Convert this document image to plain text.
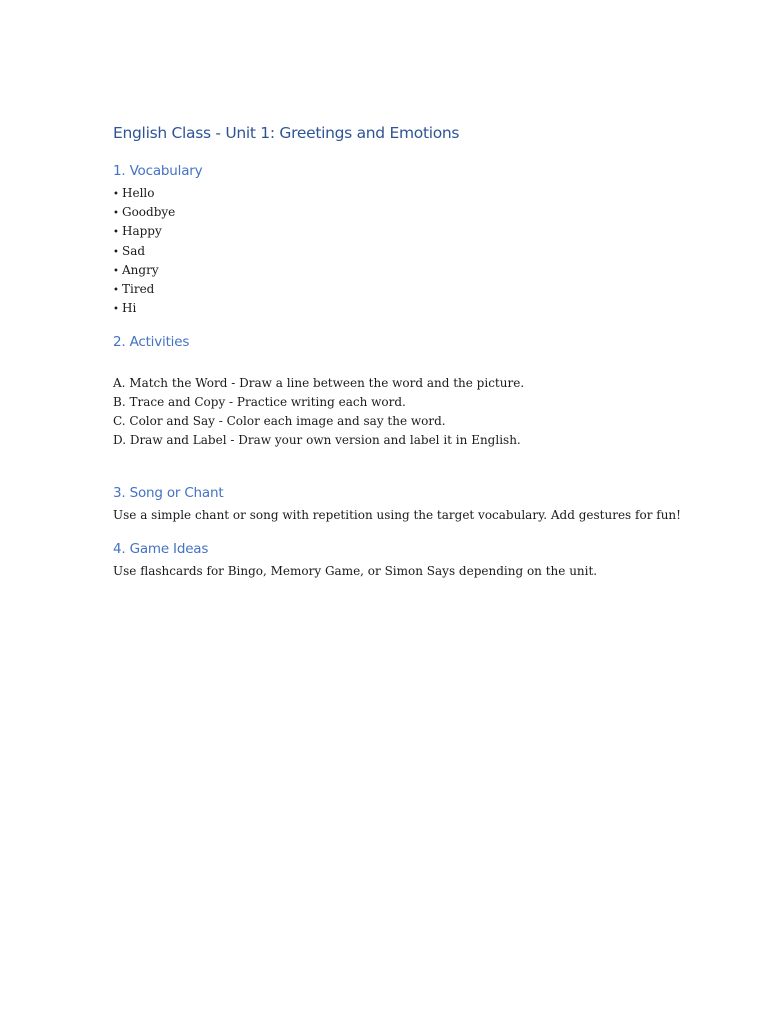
English Class - Unit 1: Greetings and Emotions
1. Vocabulary
• Hello
• Goodbye
• Happy
• Sad
• Angry
• Tired
• Hi
2. Activities
A. Match the Word - Draw a line between the word and the picture.
B. Trace and Copy - Practice writing each word.
C. Color and Say - Color each image and say the word.
D. Draw and Label - Draw your own version and label it in English.
3. Song or Chant

Use a simple chant or song with repetition using the target vocabulary. Add gestures for fun!

4. Game Ideas

Use flashcards for Bingo, Memory Game, or Simon Says depending on the unit.
